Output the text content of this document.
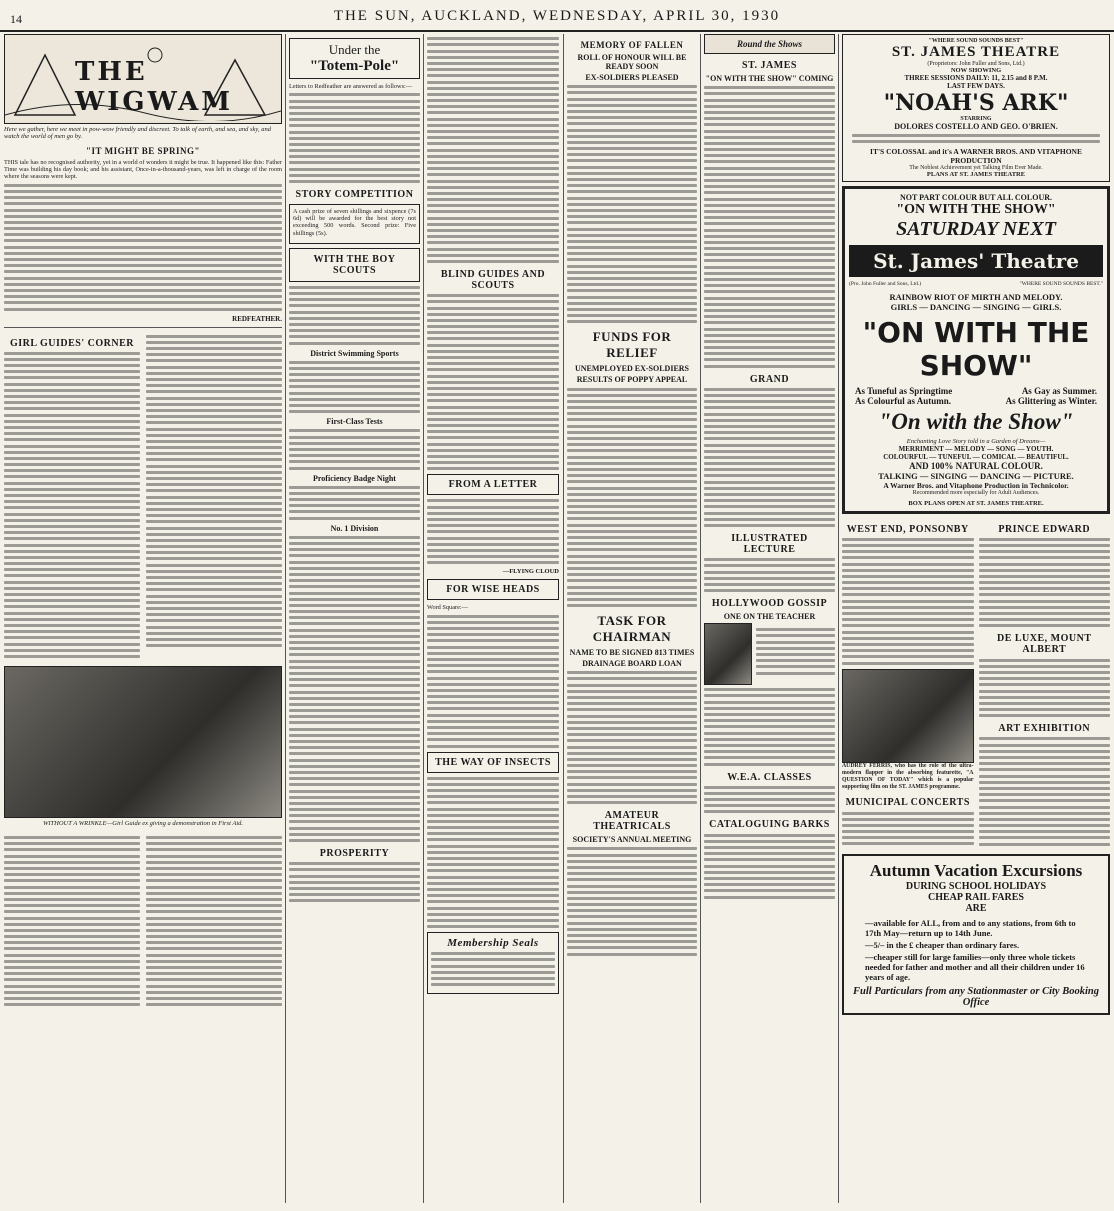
14	THE SUN, AUCKLAND, WEDNESDAY, APRIL 30, 1930
THE WIGWAM
Here we gather, here we meet in pow-wow friendly and discreet. To talk of earth, and sea, and sky, and watch the world of men go by.
"IT MIGHT BE SPRING"

THIS tale has no recognised authority, yet in a world of wonders it might be true. It happened like this: Father Time was building his day book; and his assistant, Once-in-a-thousand-years, was left in charge of the room where the seasons were kept.

REDFEATHER.
GIRL GUIDES' CORNER
WITHOUT A WRINKLE—Girl Guide ex giving a demonstration in First Aid.
Under the
"Totem-Pole"

Letters to Redfeather are answered as follows:—

STORY COMPETITION

A cash prize of seven shillings and sixpence (7s 6d) will be awarded for the best story not exceeding 500 words. Second prize: Five shillings (5s).

WITH THE BOY SCOUTS
District Swimming Sports
First-Class Tests
Proficiency Badge Night
No. 1 Division
PROSPERITY
BLIND GUIDES AND SCOUTS
FROM A LETTER
—FLYING CLOUD
FOR WISE HEADS

Word Square:—

THE WAY OF INSECTS
Membership Seals
MEMORY OF FALLEN
ROLL OF HONOUR WILL BE READY SOON
EX-SOLDIERS PLEASED
FUNDS FOR RELIEF
UNEMPLOYED EX-SOLDIERS
RESULTS OF POPPY APPEAL
TASK FOR CHAIRMAN
NAME TO BE SIGNED 813 TIMES
DRAINAGE BOARD LOAN
AMATEUR THEATRICALS
SOCIETY'S ANNUAL MEETING
Round the Shows
ST. JAMES
"ON WITH THE SHOW" COMING
GRAND
ILLUSTRATED LECTURE
HOLLYWOOD GOSSIP
ONE ON THE TEACHER
W.E.A. CLASSES
CATALOGUING BARKS
"WHERE SOUND SOUNDS BEST"
ST. JAMES THEATRE
(Proprietors: John Fuller and Sons, Ltd.)
NOW SHOWING
THREE SESSIONS DAILY: 11, 2.15 and 8 P.M.
LAST FEW DAYS.
"NOAH'S ARK"
STARRING
DOLORES COSTELLO AND GEO. O'BRIEN.
IT'S COLOSSAL and it's A WARNER BROS. AND VITAPHONE PRODUCTION
The Noblest Achievement yet Talking Film Ever Made.
PLANS AT ST. JAMES THEATRE
NOT PART COLOUR BUT ALL COLOUR.
"ON WITH THE SHOW"
SATURDAY NEXT
St. James' Theatre
(Pro. John Fuller and Sons, Ltd.)	"WHERE SOUND SOUNDS BEST."
RAINBOW RIOT OF MIRTH AND MELODY.
GIRLS — DANCING — SINGING — GIRLS.
"ON WITH THE SHOW"
As Tuneful as Springtime	As Gay as Summer.
As Colourful as Autumn.	As Glittering as Winter.
"On with the Show"
Enchanting Love Story told in a Garden of Dreams—
MERRIMENT — MELODY — SONG — YOUTH.
COLOURFUL — TUNEFUL — COMICAL — BEAUTIFUL.
AND 100% NATURAL COLOUR.
TALKING — SINGING — DANCING — PICTURE.
A Warner Bros. and Vitaphone Production in Technicolor.
Recommended more especially for Adult Audiences.
BOX PLANS OPEN AT ST. JAMES THEATRE.
WEST END, PONSONBY

AUDREY FERRIS, who has the role of the ultra-modern flapper in the absorbing featurette, "A QUESTION OF TODAY" which is a popular supporting film on the ST. JAMES programme.

MUNICIPAL CONCERTS
PRINCE EDWARD
DE LUXE, MOUNT ALBERT
ART EXHIBITION
Autumn Vacation Excursions
DURING SCHOOL HOLIDAYS
CHEAP RAIL FARES
ARE

—available for ALL, from and to any stations, from 6th to 17th May—return up to 14th June.

—5/– in the £ cheaper than ordinary fares.

—cheaper still for large families—only three whole tickets needed for father and mother and all their children under 16 years of age.

Full Particulars from any Stationmaster or City Booking Office
